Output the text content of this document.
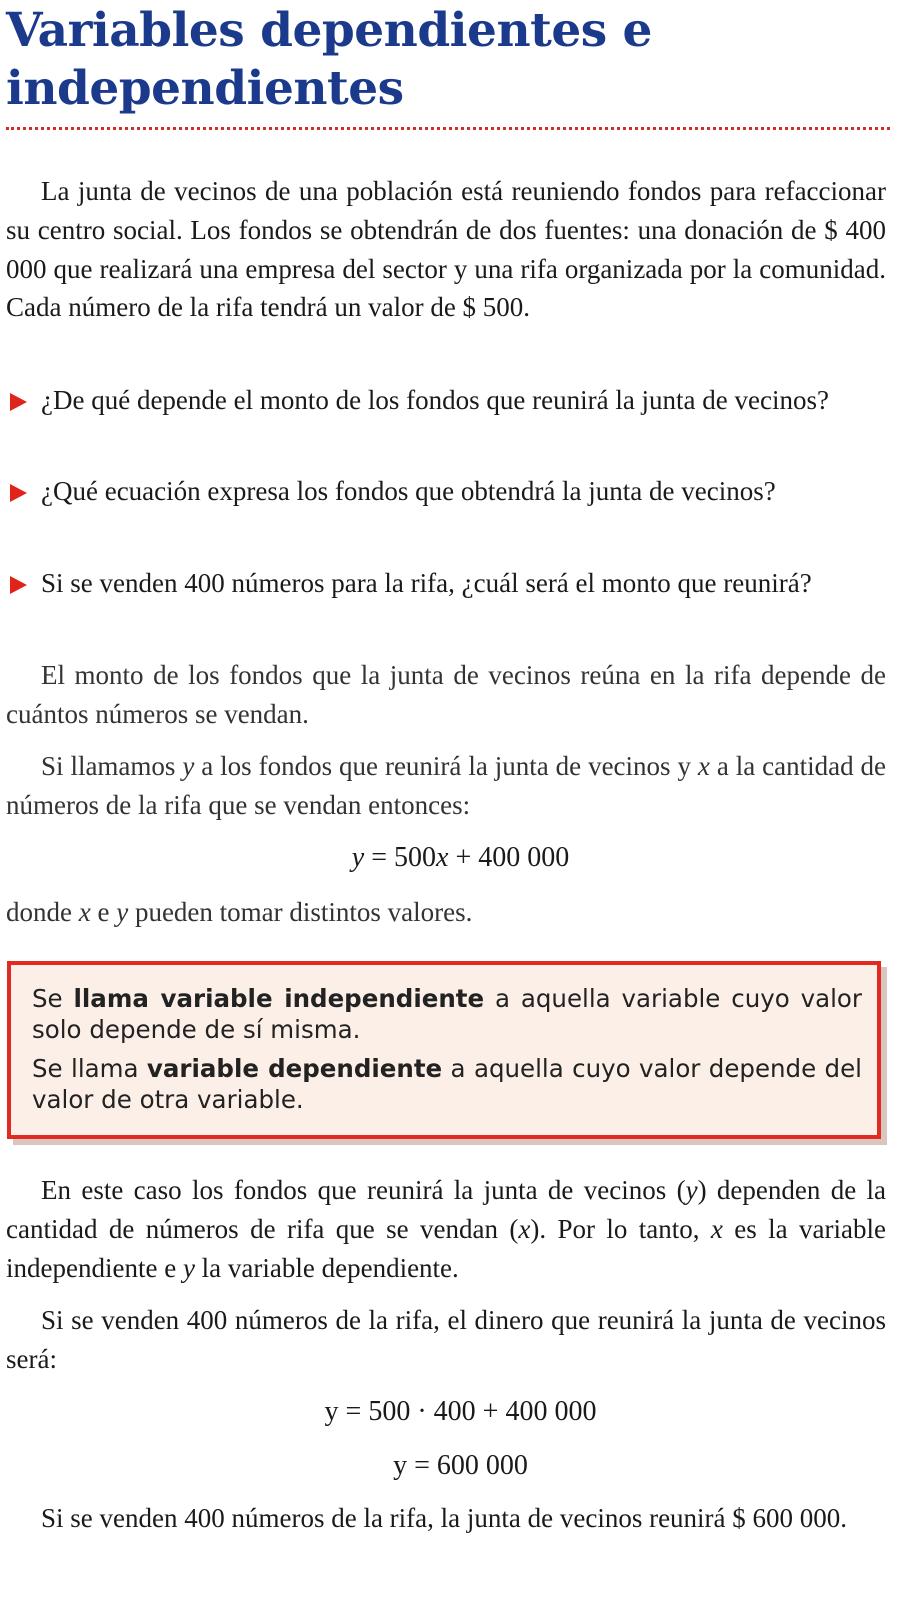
Variables dependientes e
independientes

La junta de vecinos de una población está reuniendo fondos para refaccionar su centro social. Los fondos se obtendrán de dos fuentes: una donación de $ 400 000 que realizará una empresa del sector y una rifa organizada por la comunidad. Cada número de la rifa tendrá un valor de $ 500.

¿De qué depende el monto de los fondos que reunirá la junta de vecinos?

¿Qué ecuación expresa los fondos que obtendrá la junta de vecinos?

Si se venden 400 números para la rifa, ¿cuál será el monto que reunirá?

El monto de los fondos que la junta de vecinos reúna en la rifa depende de cuántos números se vendan.

Si llamamos y a los fondos que reunirá la junta de vecinos y x a la cantidad de números de la rifa que se vendan entonces:

y = 500x + 400 000

donde x e y pueden tomar distintos valores.

Se llama variable independiente a aquella variable cuyo valor solo depende de sí misma.

Se llama variable dependiente a aquella cuyo valor depende del valor de otra variable.

En este caso los fondos que reunirá la junta de vecinos (y) dependen de la cantidad de números de rifa que se vendan (x). Por lo tanto, x es la variable independiente e y la variable dependiente.

Si se venden 400 números de la rifa, el dinero que reunirá la junta de vecinos será:

y = 500 · 400 + 400 000

y = 600 000

Si se venden 400 números de la rifa, la junta de vecinos reunirá $ 600 000.
